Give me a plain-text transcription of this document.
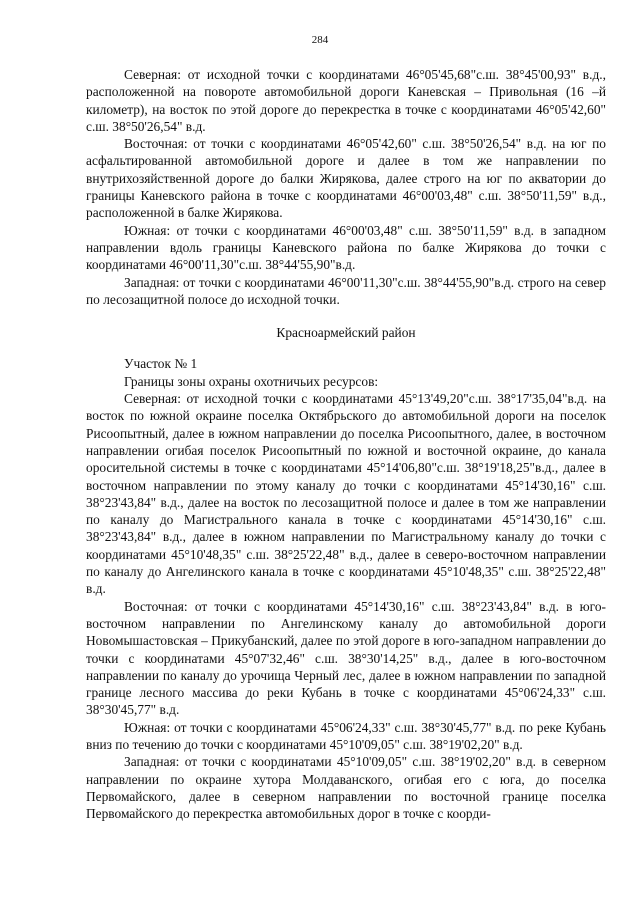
284

Северная: от исходной точки с координатами 46°05'45,68"с.ш. 38°45'00,93" в.д., расположенной на повороте автомобильной дороги Каневская – Привольная (16 –й километр), на восток по этой дороге до перекрестка в точке с координатами 46°05'42,60" с.ш. 38°50'26,54" в.д.

Восточная: от точки с координатами 46°05'42,60" с.ш. 38°50'26,54" в.д. на юг по асфальтированной автомобильной дороге и далее в том же направлении по внутрихозяйственной дороге до балки Жирякова, далее строго на юг по акватории до границы Каневского района в точке с координатами 46°00'03,48" с.ш. 38°50'11,59" в.д., расположенной в балке Жирякова.

Южная: от точки с координатами 46°00'03,48" с.ш. 38°50'11,59" в.д. в западном направлении вдоль границы Каневского района по балке Жирякова до точки с координатами 46°00'11,30"с.ш. 38°44'55,90"в.д.

Западная: от точки с координатами 46°00'11,30"с.ш. 38°44'55,90"в.д. строго на север по лесозащитной полосе до исходной точки.

Красноармейский район

Участок № 1

Границы зоны охраны охотничьих ресурсов:

Северная: от исходной точки с координатами 45°13'49,20"с.ш. 38°17'35,04"в.д. на восток по южной окраине поселка Октябрьского до автомобильной дороги на поселок Рисоопытный, далее в южном направлении до поселка Рисоопытного, далее, в восточном направлении огибая поселок Рисоопытный по южной и восточной окраине, до канала оросительной системы в точке с координатами 45°14'06,80"с.ш. 38°19'18,25"в.д., далее в восточном направлении по этому каналу до точки с координатами 45°14'30,16" с.ш. 38°23'43,84" в.д., далее на восток по лесозащитной полосе и далее в том же направлении по каналу до Магистрального канала в точке с координатами 45°14'30,16" с.ш. 38°23'43,84" в.д., далее в южном направлении по Магистральному каналу до точки с координатами 45°10'48,35" с.ш. 38°25'22,48" в.д., далее в северо-восточном направлении по каналу до Ангелинского канала в точке с координатами 45°10'48,35" с.ш. 38°25'22,48" в.д.

Восточная: от точки с координатами 45°14'30,16" с.ш. 38°23'43,84" в.д. в юго-восточном направлении по Ангелинскому каналу до автомобильной дороги Новомышастовская – Прикубанский, далее по этой дороге в юго-западном направлении до точки с координатами 45°07'32,46" с.ш. 38°30'14,25" в.д., далее в юго-восточном направлении по каналу до урочища Черный лес, далее в южном направлении по западной границе лесного массива до реки Кубань в точке с координатами 45°06'24,33" с.ш. 38°30'45,77" в.д.

Южная: от точки с координатами 45°06'24,33" с.ш. 38°30'45,77" в.д. по реке Кубань вниз по течению до точки с координатами 45°10'09,05" с.ш. 38°19'02,20" в.д.

Западная: от точки с координатами 45°10'09,05" с.ш. 38°19'02,20" в.д. в северном направлении по окраине хутора Молдаванского, огибая его с юга, до поселка Первомайского, далее в северном направлении по восточной границе поселка Первомайского до перекрестка автомобильных дорог в точке с коорди-
